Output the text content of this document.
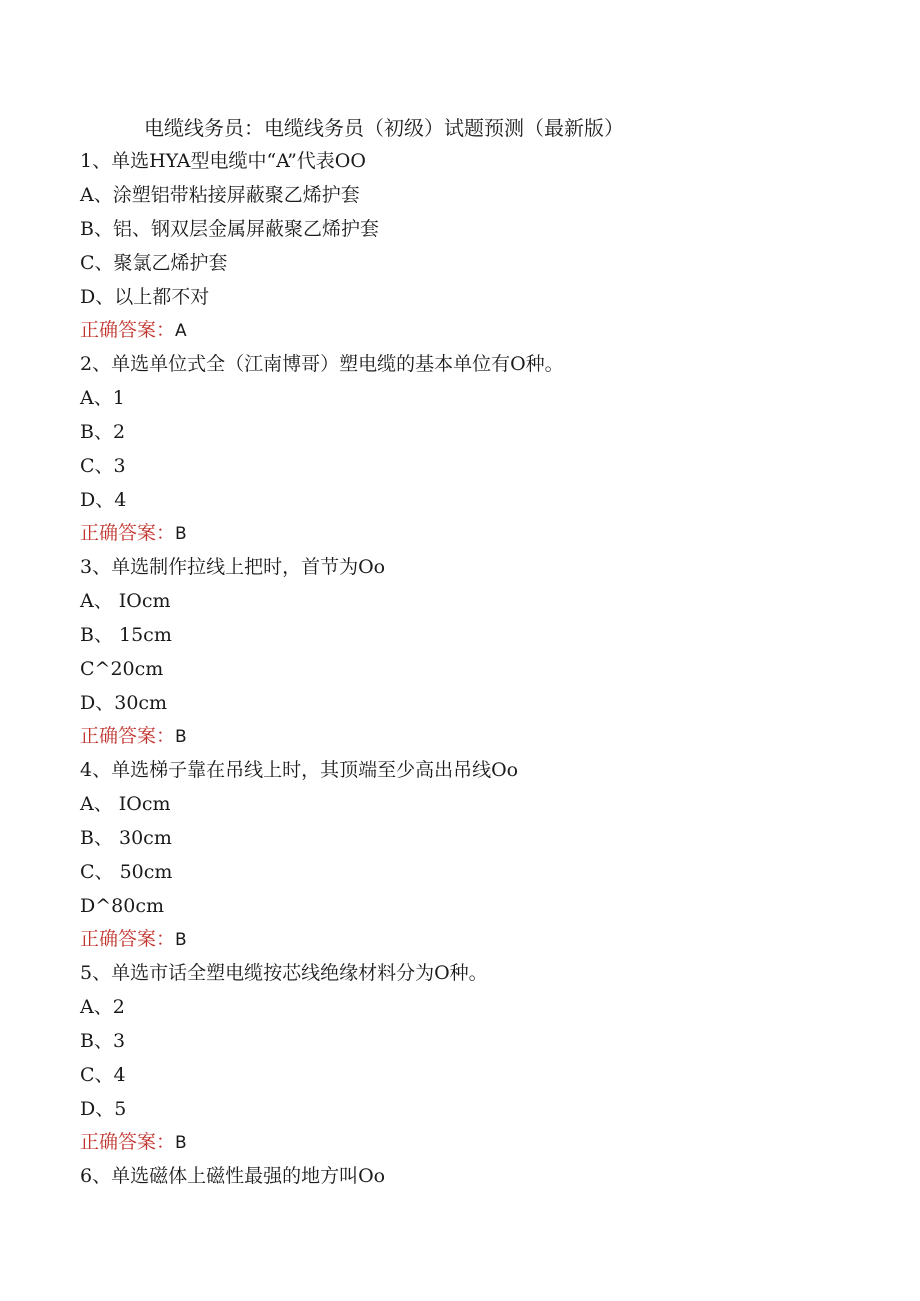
电缆线务员：电缆线务员（初级）试题预测（最新版）
1、单选HYA型电缆中“A”代表OO
A、涂塑铝带粘接屏蔽聚乙烯护套
B、铝、钢双层金属屏蔽聚乙烯护套
C、聚氯乙烯护套
D、以上都不对
正确答案：A
2、单选单位式全（江南博哥）塑电缆的基本单位有O种。
A、1
B、2
C、3
D、4
正确答案：B
3、单选制作拉线上把时，首节为Oo
A、 IOcm
B、 15cm
C^20cm
D、30cm
正确答案：B
4、单选梯子靠在吊线上时，其顶端至少高出吊线Oo
A、 IOcm
B、 30cm
C、 50cm
D^80cm
正确答案：B
5、单选市话全塑电缆按芯线绝缘材料分为O种。
A、2
B、3
C、4
D、5
正确答案：B
6、单选磁体上磁性最强的地方叫Oo
